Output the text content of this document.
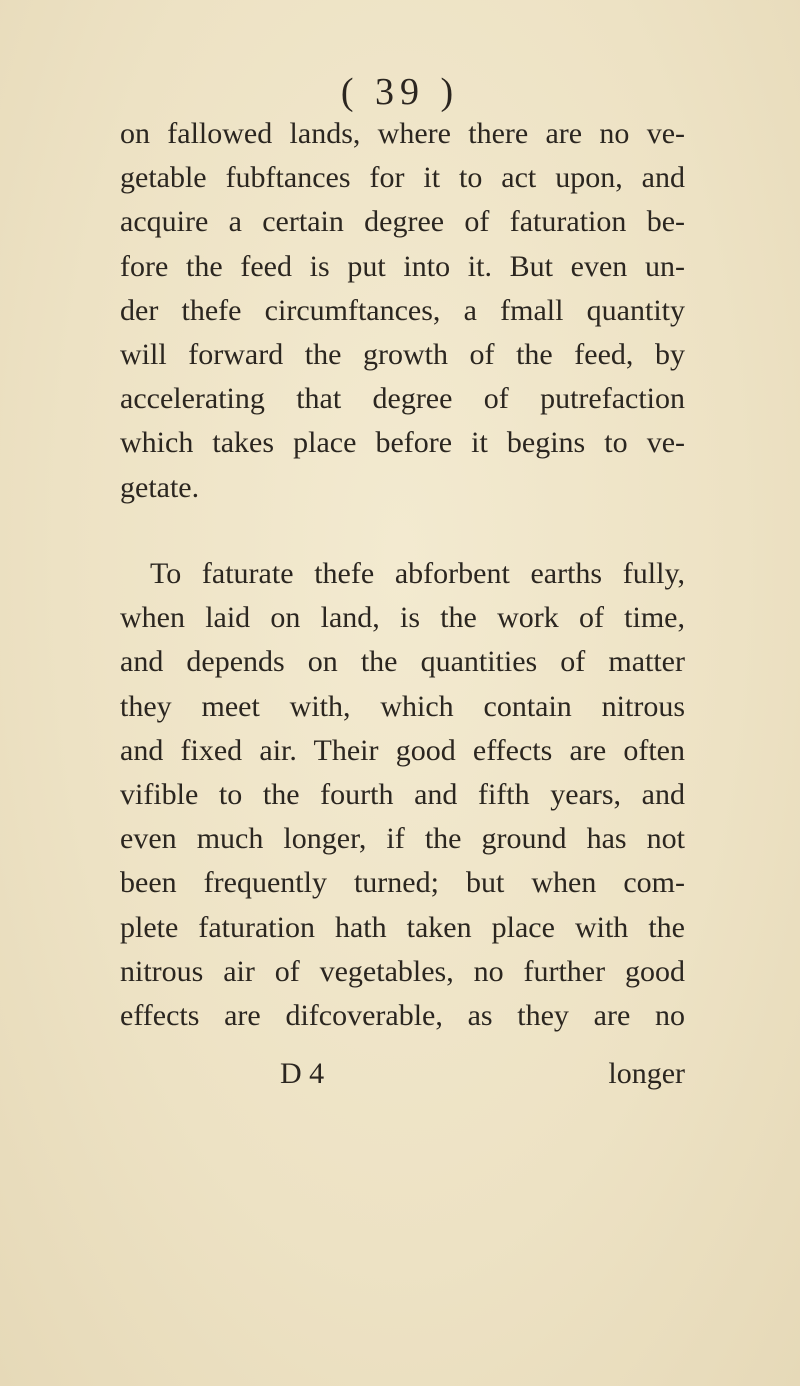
( 39 )
on fallowed lands, where there are no ve-
getable fubftances for it to act upon, and
acquire a certain degree of faturation be-
fore the feed is put into it. But even un-
der thefe circumftances, a fmall quantity
will forward the growth of the feed, by
accelerating that degree of putrefaction
which takes place before it begins to ve-
getate.
To faturate thefe abforbent earths fully,
when laid on land, is the work of time,
and depends on the quantities of matter
they meet with, which contain nitrous
and fixed air. Their good effects are often
vifible to the fourth and fifth years, and
even much longer, if the ground has not
been frequently turned; but when com-
plete faturation hath taken place with the
nitrous air of vegetables, no further good
effects are difcoverable, as they are no
D 4	longer
